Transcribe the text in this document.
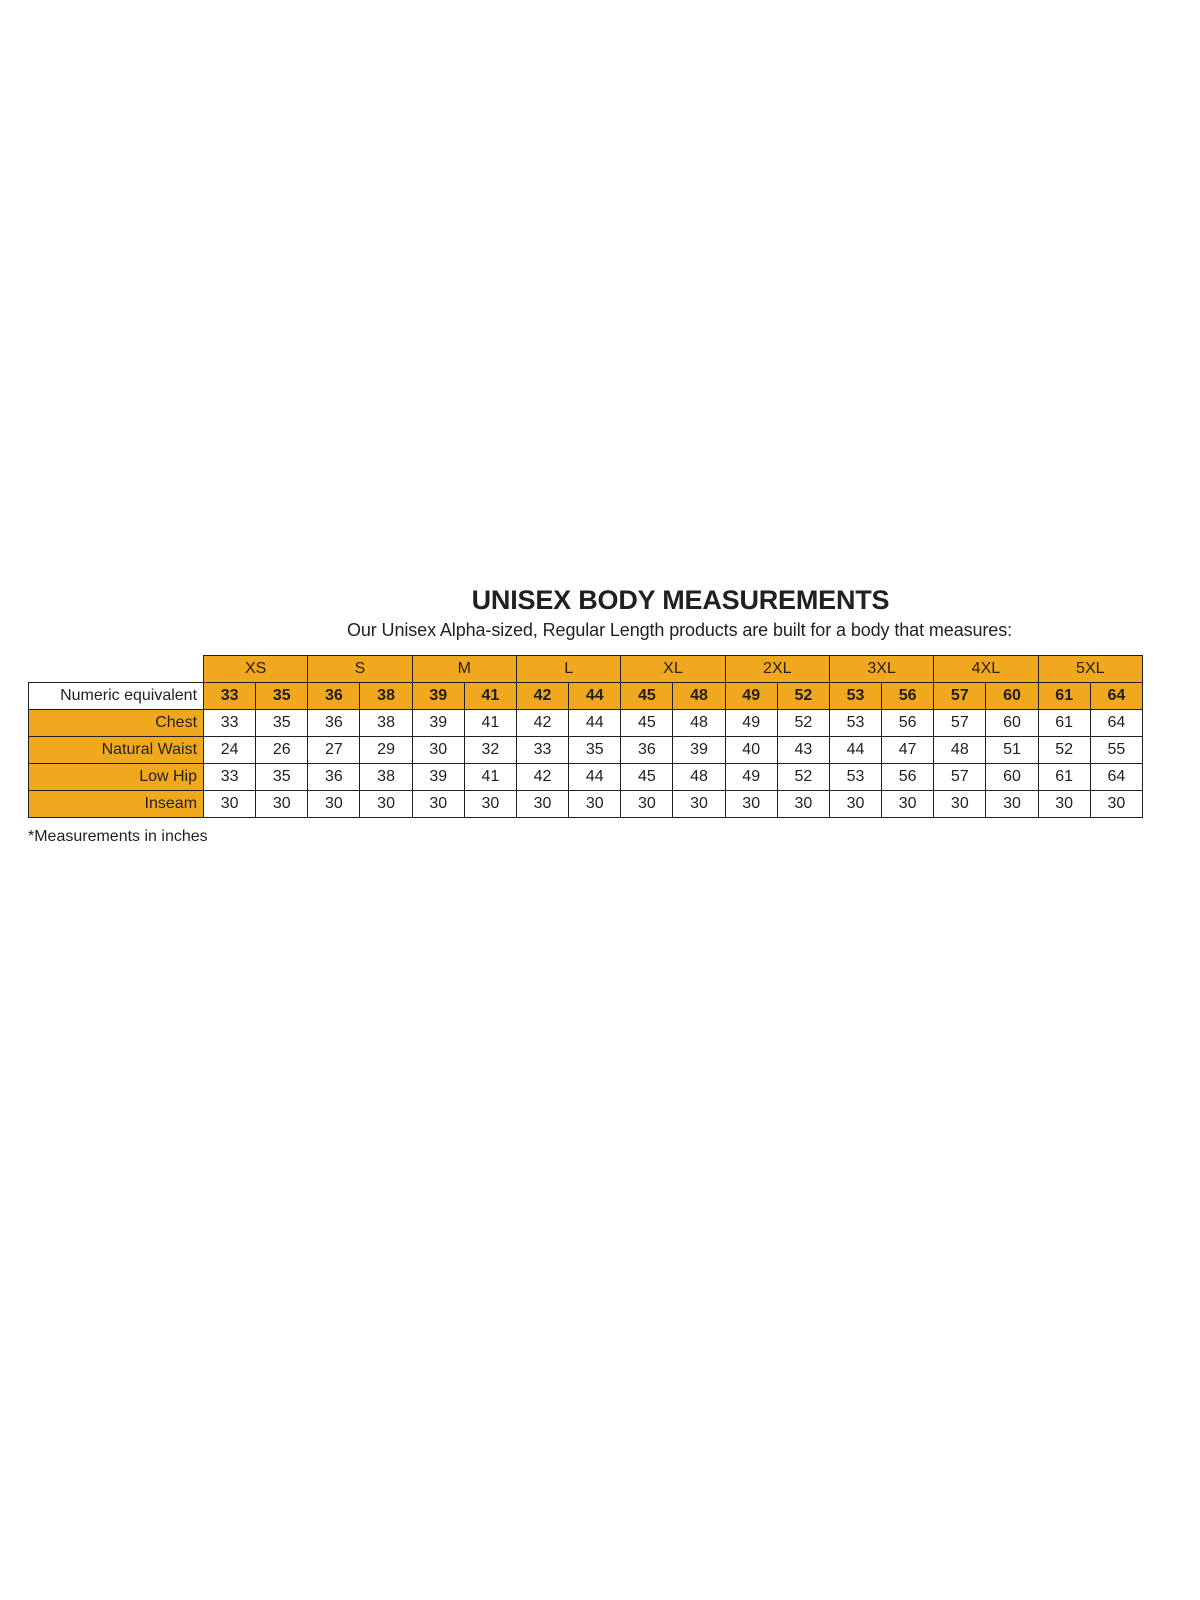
UNISEX BODY MEASUREMENTS
Our Unisex Alpha-sized, Regular Length products are built for a body that measures:
	XS		S		M		L		XL		2XL		3XL		4XL		5XL	
Numeric equivalent	33	35	36	38	39	41	42	44	45	48	49	52	53	56	57	60	61	64
Chest	33	35	36	38	39	41	42	44	45	48	49	52	53	56	57	60	61	64
Natural Waist	24	26	27	29	30	32	33	35	36	39	40	43	44	47	48	51	52	55
Low Hip	33	35	36	38	39	41	42	44	45	48	49	52	53	56	57	60	61	64
Inseam	30	30	30	30	30	30	30	30	30	30	30	30	30	30	30	30	30	30
*Measurements in inches
